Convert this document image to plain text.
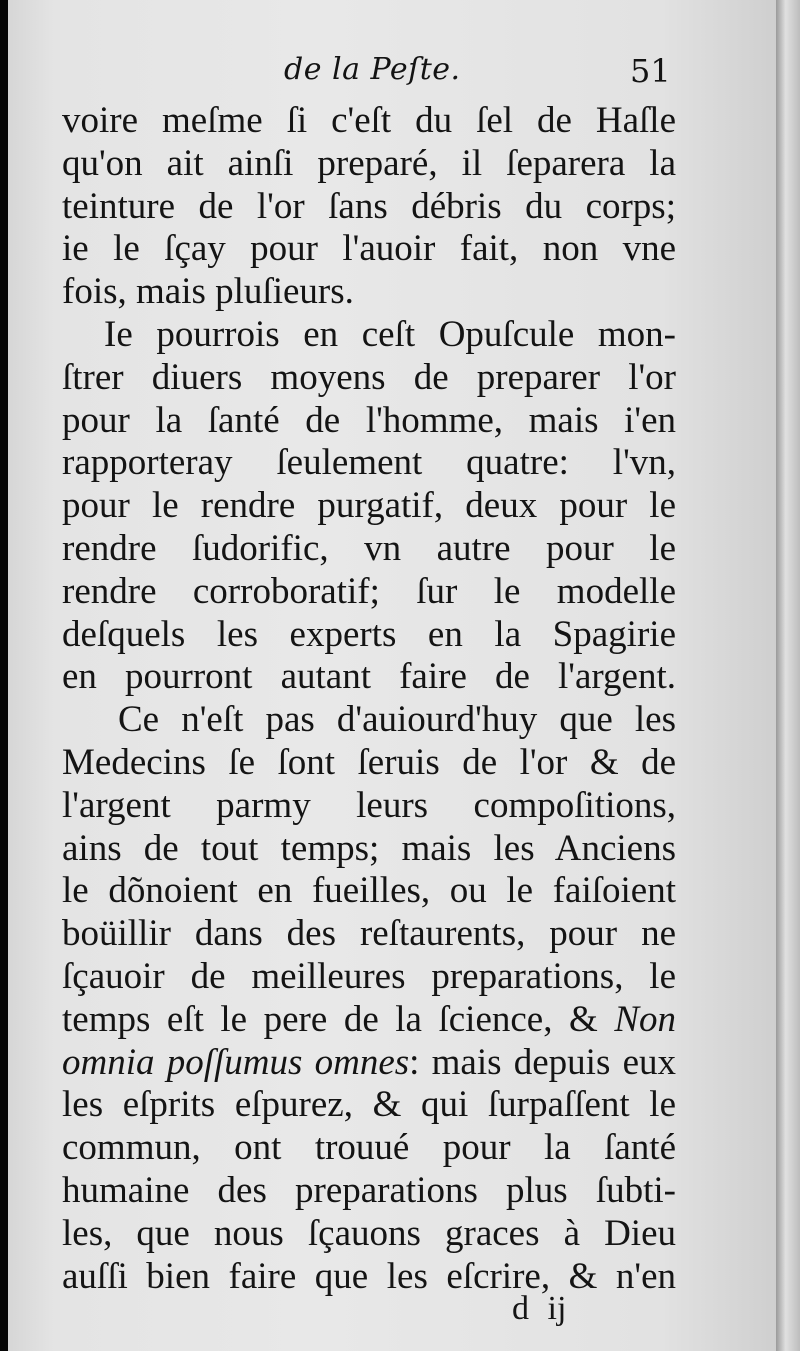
de la Peſte.	51
voire meſme ſi c'eſt du ſel de Haſle
qu'on ait ainſi preparé, il ſeparera la
teinture de l'or ſans débris du corps;
ie le ſçay pour l'auoir fait, non vne
fois, mais pluſieurs.
Ie pourrois en ceſt Opuſcule mon-
ſtrer diuers moyens de preparer l'or
pour la ſanté de l'homme, mais i'en
rapporteray ſeulement quatre: l'vn,
pour le rendre purgatif, deux pour le
rendre ſudorific, vn autre pour le
rendre corroboratif; ſur le modelle
deſquels les experts en la Spagirie
en pourront autant faire de l'argent.
Ce n'eſt pas d'auiourd'huy que les
Medecins ſe ſont ſeruis de l'or & de
l'argent parmy leurs compoſitions,
ains de tout temps; mais les Anciens
le dõnoient en fueilles, ou le faiſoient
boüillir dans des reſtaurents, pour ne
ſçauoir de meilleures preparations, le
temps eſt le pere de la ſcience, & Non
omnia poſſumus omnes: mais depuis eux
les eſprits eſpurez, & qui ſurpaſſent le
commun, ont trouué pour la ſanté
humaine des preparations plus ſubti-
les, que nous ſçauons graces à Dieu
auſſi bien faire que les eſcrire, & n'en
d ij
